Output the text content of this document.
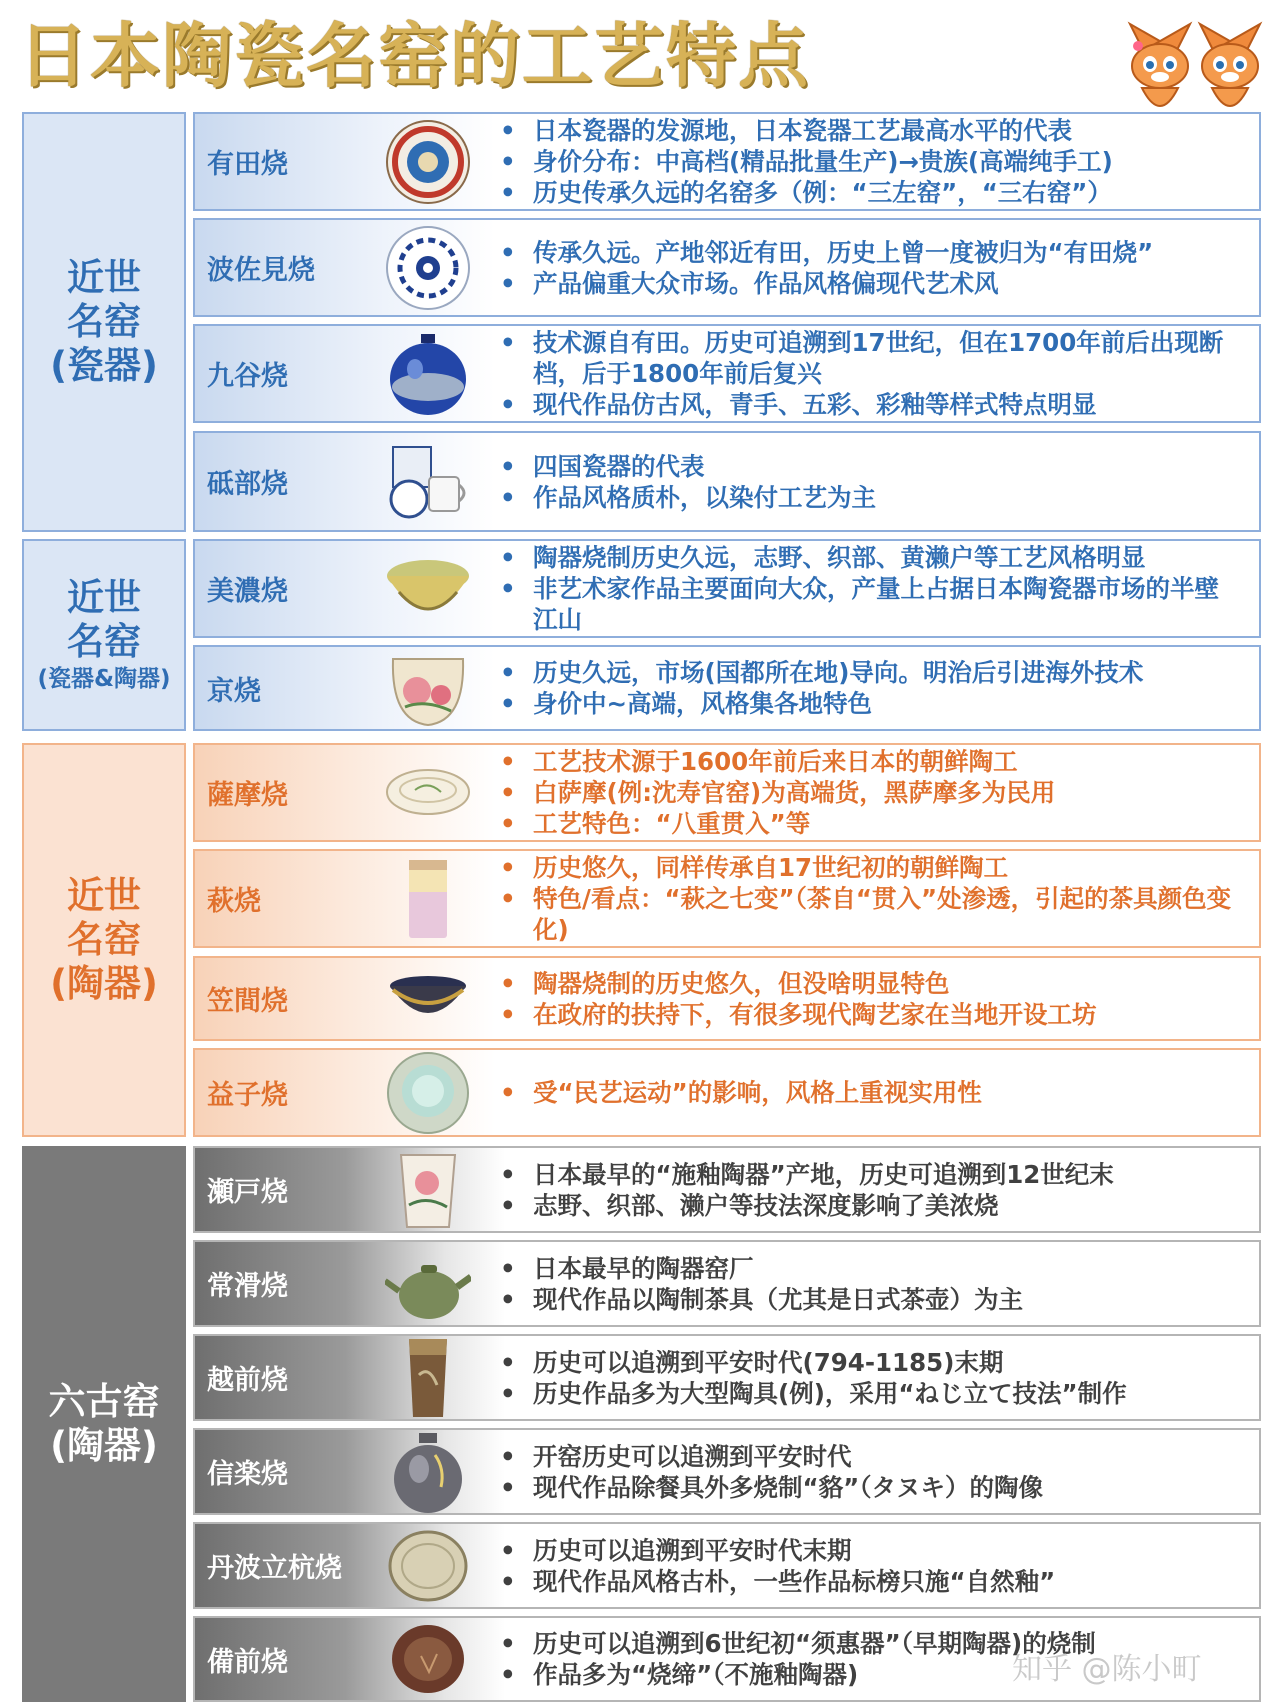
日本陶瓷名窑的工艺特点
近世
名窑
(瓷器)
近世
名窑
(瓷器&陶器)
近世
名窑
(陶器)
六古窑
(陶器)
有田烧
• 日本瓷器的发源地，日本瓷器工艺最高水平的代表
• 身价分布：中高档(精品批量生产)→贵族(高端纯手工)
• 历史传承久远的名窑多（例：“三左窑”，“三右窑”）
波佐見烧
• 传承久远。产地邻近有田，历史上曾一度被归为“有田烧”
• 产品偏重大众市场。作品风格偏现代艺术风
九谷烧
• 技术源自有田。历史可追溯到17世纪，但在1700年前后出现断档，后于1800年前后复兴
• 现代作品仿古风，青手、五彩、彩釉等样式特点明显
砥部烧
• 四国瓷器的代表
• 作品风格质朴，以染付工艺为主
美濃烧
• 陶器烧制历史久远，志野、织部、黄濑户等工艺风格明显
• 非艺术家作品主要面向大众，产量上占据日本陶瓷器市场的半壁江山
京烧
• 历史久远，市场(国都所在地)导向。明治后引进海外技术
• 身价中~高端，风格集各地特色
薩摩烧
• 工艺技术源于1600年前后来日本的朝鲜陶工
• 白萨摩(例:沈寿官窑)为高端货，黑萨摩多为民用
• 工艺特色：“八重贯入”等
萩烧
• 历史悠久，同样传承自17世纪初的朝鲜陶工
• 特色/看点：“萩之七变”（茶自“贯入”处渗透，引起的茶具颜色变化)
笠間烧
• 陶器烧制的历史悠久，但没啥明显特色
• 在政府的扶持下，有很多现代陶艺家在当地开设工坊
益子烧
•	受“民艺运动”的影响，风格上重视实用性
瀬戸烧
• 日本最早的“施釉陶器”产地，历史可追溯到12世纪末
• 志野、织部、濑户等技法深度影响了美浓烧
常滑烧
• 日本最早的陶器窑厂
• 现代作品以陶制茶具（尤其是日式茶壶）为主
越前烧
• 历史可以追溯到平安时代(794-1185)末期
• 历史作品多为大型陶具(例)，采用“ねじ立て技法”制作
信楽烧
• 开窑历史可以追溯到平安时代
• 现代作品除餐具外多烧制“貉”（タヌキ）的陶像
丹波立杭烧
• 历史可以追溯到平安时代末期
• 现代作品风格古朴，一些作品标榜只施“自然釉”
備前烧
• 历史可以追溯到6世纪初“须惠器”（早期陶器)的烧制
• 作品多为“烧缔”（不施釉陶器)	知乎 @陈小町
